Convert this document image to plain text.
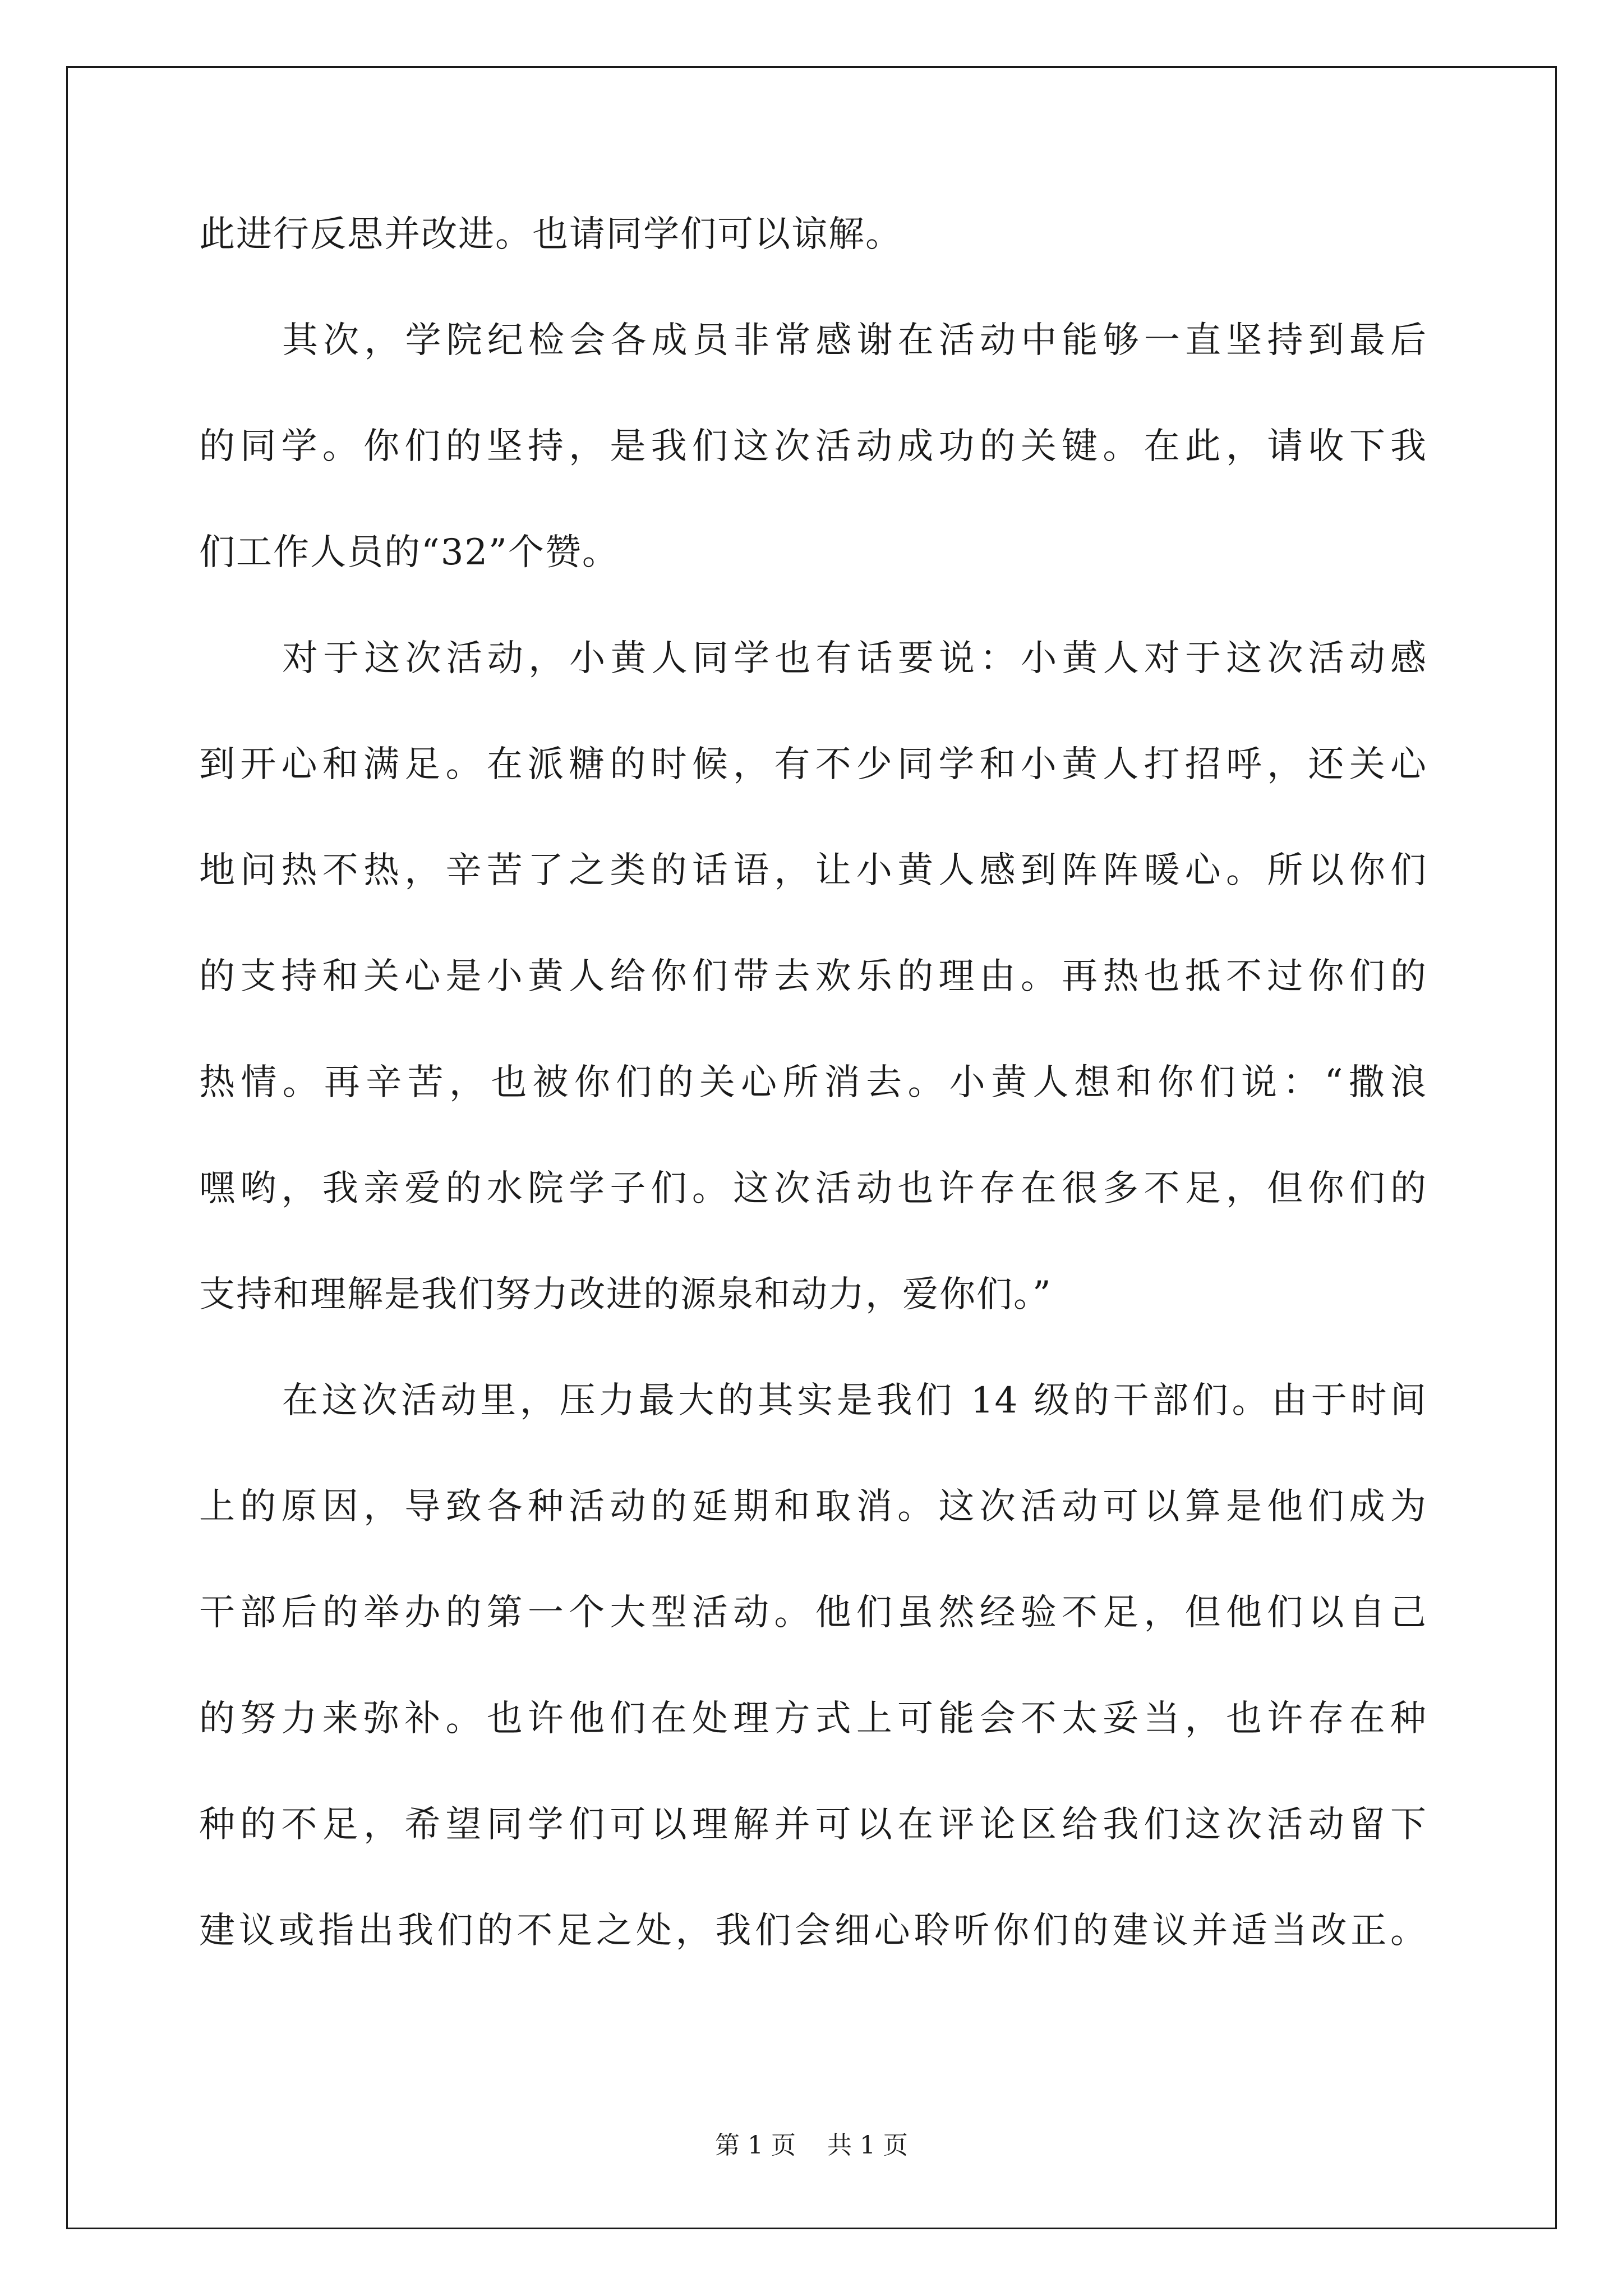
此进行反思并改进。也请同学们可以谅解。
其次，学院纪检会各成员非常感谢在活动中能够一直坚持到最后
的同学。你们的坚持，是我们这次活动成功的关键。在此，请收下我
们工作人员的“32”个赞。
对于这次活动，小黄人同学也有话要说：小黄人对于这次活动感
到开心和满足。在派糖的时候，有不少同学和小黄人打招呼，还关心
地问热不热，辛苦了之类的话语，让小黄人感到阵阵暖心。所以你们
的支持和关心是小黄人给你们带去欢乐的理由。再热也抵不过你们的
热情。再辛苦，也被你们的关心所消去。小黄人想和你们说：“撒浪
嘿哟，我亲爱的水院学子们。这次活动也许存在很多不足，但你们的
支持和理解是我们努力改进的源泉和动力，爱你们。”
在这次活动里，压力最大的其实是我们 14 级的干部们。由于时间
上的原因，导致各种活动的延期和取消。这次活动可以算是他们成为
干部后的举办的第一个大型活动。他们虽然经验不足，但他们以自己
的努力来弥补。也许他们在处理方式上可能会不太妥当，也许存在种
种的不足，希望同学们可以理解并可以在评论区给我们这次活动留下
建议或指出我们的不足之处，我们会细心聆听你们的建议并适当改正。
第 1 页    共 1 页
